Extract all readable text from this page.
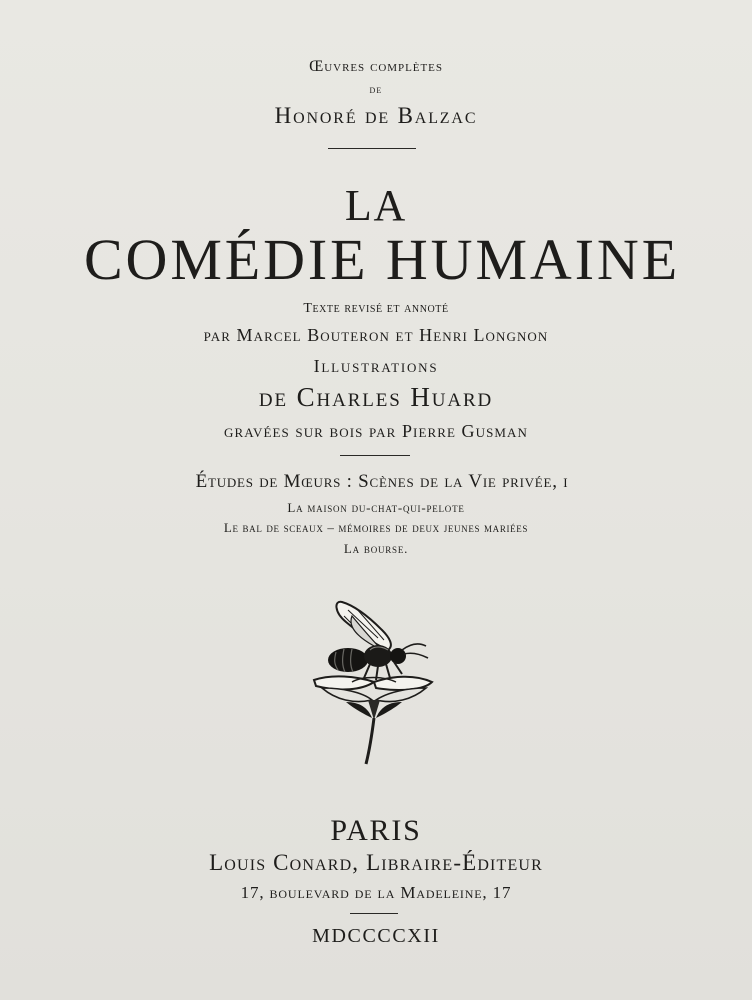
Œuvres complètes
de
Honoré de Balzac
LA
COMÉDIE HUMAINE
Texte revisé et annoté
par Marcel Bouteron et Henri Longnon
Illustrations
de Charles Huard
gravées sur bois par Pierre Gusman
Études de Mœurs : Scènes de la Vie privée, i
La maison du-chat-qui-pelote
Le bal de sceaux – mémoires de deux jeunes mariées
La bourse.
PARIS
Louis Conard, Libraire-Éditeur
17, boulevard de la Madeleine, 17
MDCCCCXII
